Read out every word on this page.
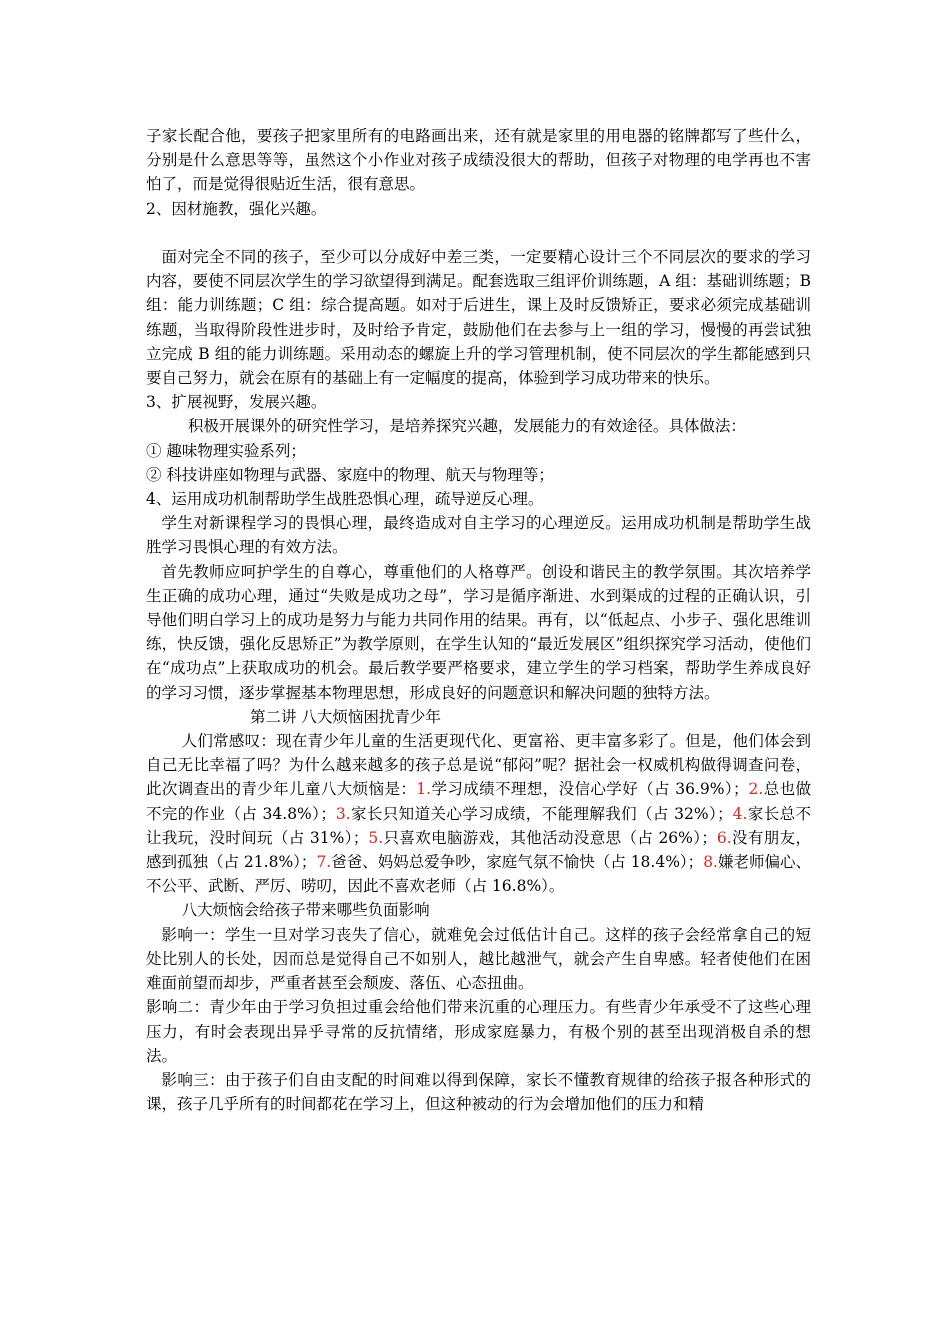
子家长配合他，要孩子把家里所有的电路画出来，还有就是家里的用电器的铭牌都写了些什么，分别是什么意思等等，虽然这个小作业对孩子成绩没很大的帮助，但孩子对物理的电学再也不害怕了，而是觉得很贴近生活，很有意思。

2、因材施教，强化兴趣。

面对完全不同的孩子，至少可以分成好中差三类，一定要精心设计三个不同层次的要求的学习内容，要使不同层次学生的学习欲望得到满足。配套选取三组评价训练题，A 组：基础训练题；B 组：能力训练题；C 组：综合提高题。如对于后进生，课上及时反馈矫正，要求必须完成基础训练题，当取得阶段性进步时，及时给予肯定，鼓励他们在去参与上一组的学习，慢慢的再尝试独立完成 B 组的能力训练题。采用动态的螺旋上升的学习管理机制，使不同层次的学生都能感到只要自己努力，就会在原有的基础上有一定幅度的提高，体验到学习成功带来的快乐。

3、扩展视野，发展兴趣。

积极开展课外的研究性学习，是培养探究兴趣，发展能力的有效途径。具体做法：

① 趣味物理实验系列；

② 科技讲座如物理与武器、家庭中的物理、航天与物理等；

4、运用成功机制帮助学生战胜恐惧心理，疏导逆反心理。

学生对新课程学习的畏惧心理，最终造成对自主学习的心理逆反。运用成功机制是帮助学生战胜学习畏惧心理的有效方法。

首先教师应呵护学生的自尊心，尊重他们的人格尊严。创设和谐民主的教学氛围。其次培养学生正确的成功心理，通过“失败是成功之母”，学习是循序渐进、水到渠成的过程的正确认识，引导他们明白学习上的成功是努力与能力共同作用的结果。再有，以“低起点、小步子、强化思维训练，快反馈，强化反思矫正”为教学原则，在学生认知的“最近发展区”组织探究学习活动，使他们在“成功点”上获取成功的机会。最后教学要严格要求，建立学生的学习档案，帮助学生养成良好的学习习惯，逐步掌握基本物理思想，形成良好的问题意识和解决问题的独特方法。

第二讲 八大烦恼困扰青少年

人们常感叹：现在青少年儿童的生活更现代化、更富裕、更丰富多彩了。但是，他们体会到自己无比幸福了吗？为什么越来越多的孩子总是说“郁闷”呢？据社会一权威机构做得调查问卷，此次调查出的青少年儿童八大烦恼是：1.学习成绩不理想，没信心学好（占 36.9%）；2.总也做不完的作业（占 34.8%）；3.家长只知道关心学习成绩，不能理解我们（占 32%）；4.家长总不让我玩，没时间玩（占 31%）；5.只喜欢电脑游戏，其他活动没意思（占 26%）；6.没有朋友，感到孤独（占 21.8%）；7.爸爸、妈妈总爱争吵，家庭气氛不愉快（占 18.4%）；8.嫌老师偏心、不公平、武断、严厉、唠叨，因此不喜欢老师（占 16.8%）。

八大烦恼会给孩子带来哪些负面影响

影响一：学生一旦对学习丧失了信心，就难免会过低估计自己。这样的孩子会经常拿自己的短处比别人的长处，因而总是觉得自己不如别人，越比越泄气，就会产生自卑感。轻者使他们在困难面前望而却步，严重者甚至会颓废、落伍、心态扭曲。

影响二：青少年由于学习负担过重会给他们带来沉重的心理压力。有些青少年承受不了这些心理压力，有时会表现出异乎寻常的反抗情绪，形成家庭暴力，有极个别的甚至出现消极自杀的想法。

影响三：由于孩子们自由支配的时间难以得到保障，家长不懂教育规律的给孩子报各种形式的课，孩子几乎所有的时间都花在学习上，但这种被动的行为会增加他们的压力和精
